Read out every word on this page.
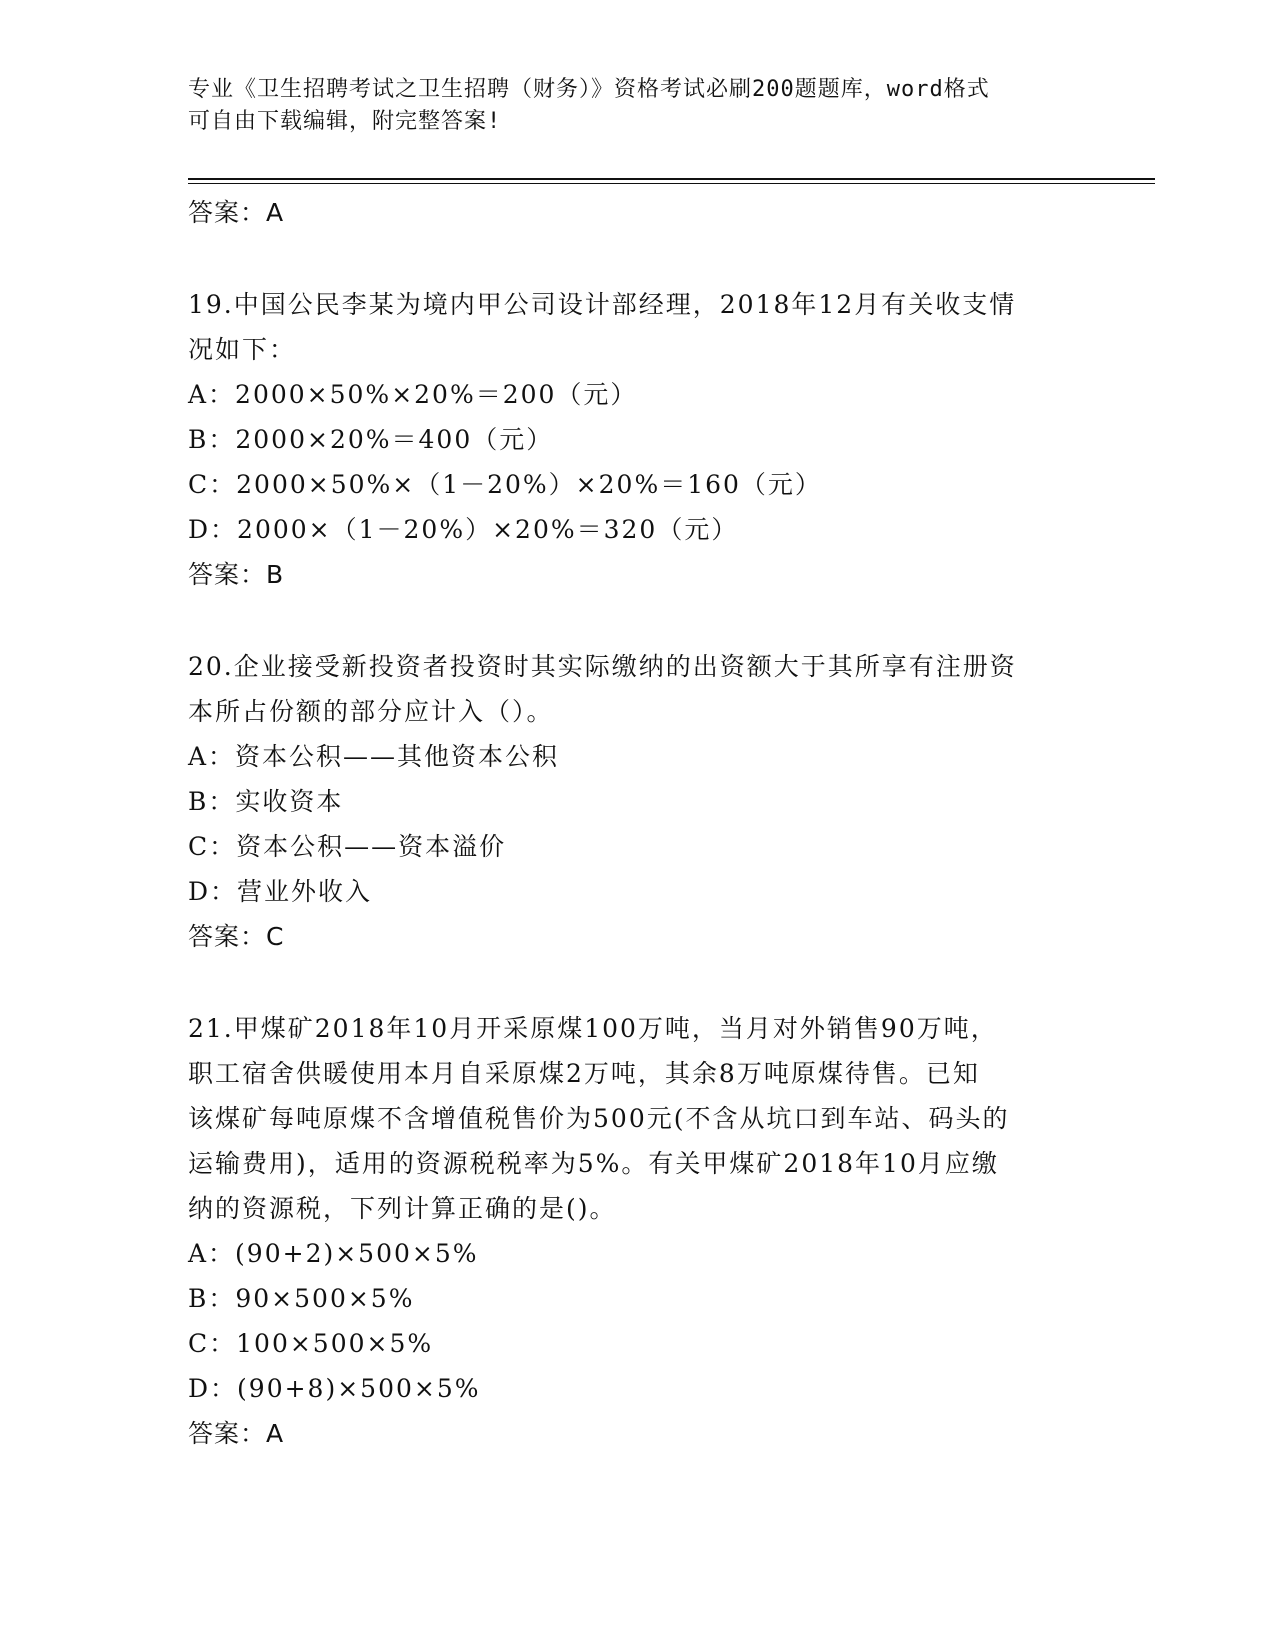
专业《卫生招聘考试之卫生招聘（财务）》资格考试必刷200题题库，word格式

可自由下载编辑，附完整答案!

答案：A

19.中国公民李某为境内甲公司设计部经理，2018年12月有关收支情

况如下：

A：2000×50%×20%＝200（元）

B：2000×20%＝400（元）

C：2000×50%×（1－20%）×20%＝160（元）

D：2000×（1－20%）×20%＝320（元）

答案：B

20.企业接受新投资者投资时其实际缴纳的出资额大于其所享有注册资

本所占份额的部分应计入（）。

A：资本公积——其他资本公积

B：实收资本

C：资本公积——资本溢价

D：营业外收入

答案：C

21.甲煤矿2018年10月开采原煤100万吨，当月对外销售90万吨，

职工宿舍供暖使用本月自采原煤2万吨，其余8万吨原煤待售。已知

该煤矿每吨原煤不含增值税售价为500元(不含从坑口到车站、码头的

运输费用)，适用的资源税税率为5%。有关甲煤矿2018年10月应缴

纳的资源税，下列计算正确的是()。

A：(90+2)×500×5%

B：90×500×5%

C：100×500×5%

D：(90+8)×500×5%

答案：A
